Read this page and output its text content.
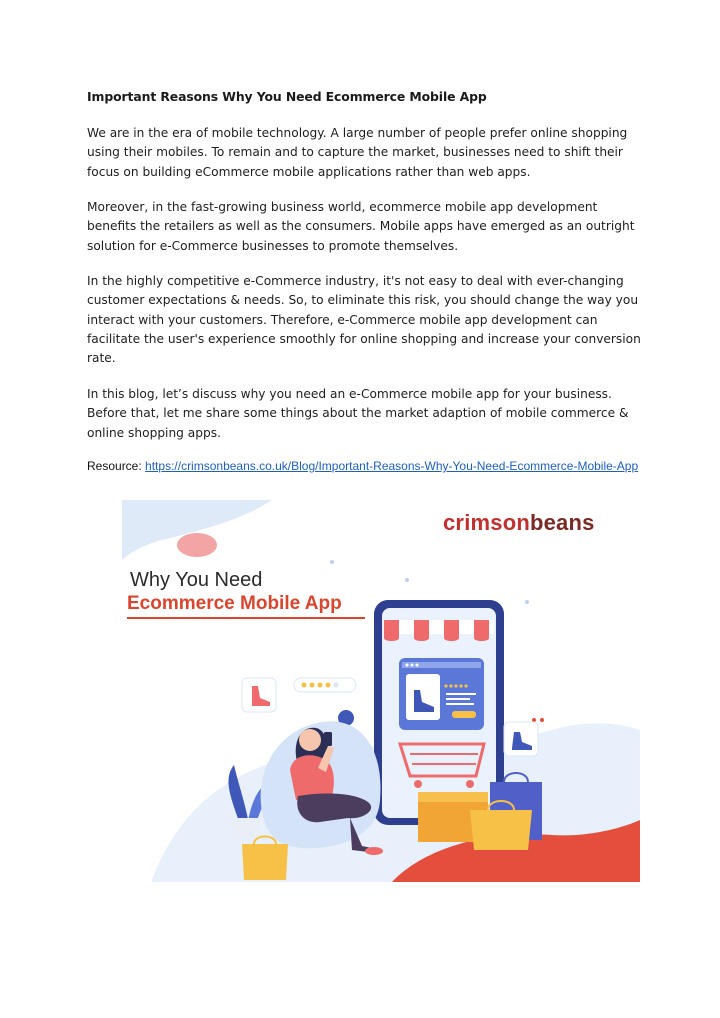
Important Reasons Why You Need Ecommerce Mobile App

We are in the era of mobile technology. A large number of people prefer online shopping using their mobiles. To remain and to capture the market, businesses need to shift their focus on building eCommerce mobile applications rather than web apps.

Moreover, in the fast-growing business world, ecommerce mobile app development benefits the retailers as well as the consumers. Mobile apps have emerged as an outright solution for e-Commerce businesses to promote themselves.

In the highly competitive e-Commerce industry, it's not easy to deal with ever-changing customer expectations & needs. So, to eliminate this risk, you should change the way you interact with your customers. Therefore, e-Commerce mobile app development can facilitate the user's experience smoothly for online shopping and increase your conversion rate.

In this blog, let’s discuss why you need an e-Commerce mobile app for your business. Before that, let me share some things about the market adaption of mobile commerce & online shopping apps.

Resource: https://crimsonbeans.co.uk/Blog/Important-Reasons-Why-You-Need-Ecommerce-Mobile-App
crimsonbeans
Why You Need
Ecommerce Mobile App
